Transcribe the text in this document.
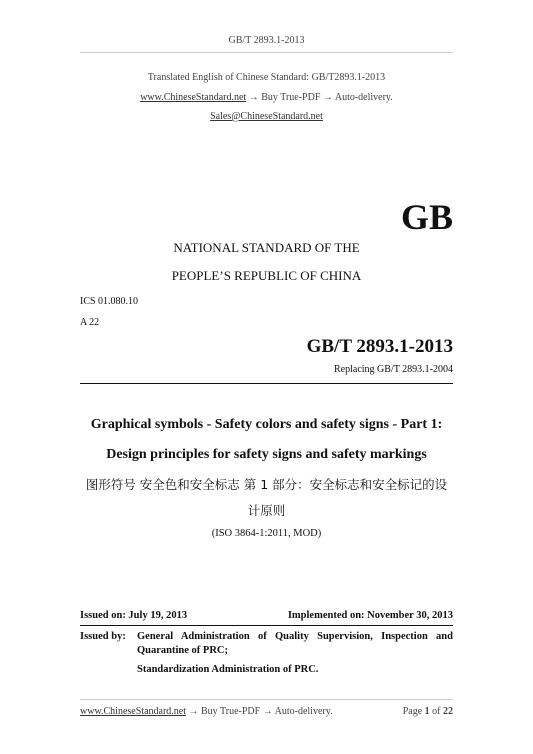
GB/T 2893.1-2013
Translated English of Chinese Standard: GB/T2893.1-2013
www.ChineseStandard.net → Buy True-PDF → Auto-delivery.
Sales@ChineseStandard.net
GB
NATIONAL STANDARD OF THE
PEOPLE’S REPUBLIC OF CHINA
ICS 01.080.10
A 22
GB/T 2893.1-2013
Replacing GB/T 2893.1-2004
Graphical symbols - Safety colors and safety signs - Part 1:
Design principles for safety signs and safety markings
图形符号 安全色和安全标志 第 1 部分：安全标志和安全标记的设
计原则
(ISO 3864-1:2011, MOD)
Issued on: July 19, 2013	Implemented on: November 30, 2013
Issued by: General Administration of Quality Supervision, Inspection and
Quarantine of PRC;
Standardization Administration of PRC.
www.ChineseStandard.net → Buy True-PDF → Auto-delivery.	Page 1 of 22
